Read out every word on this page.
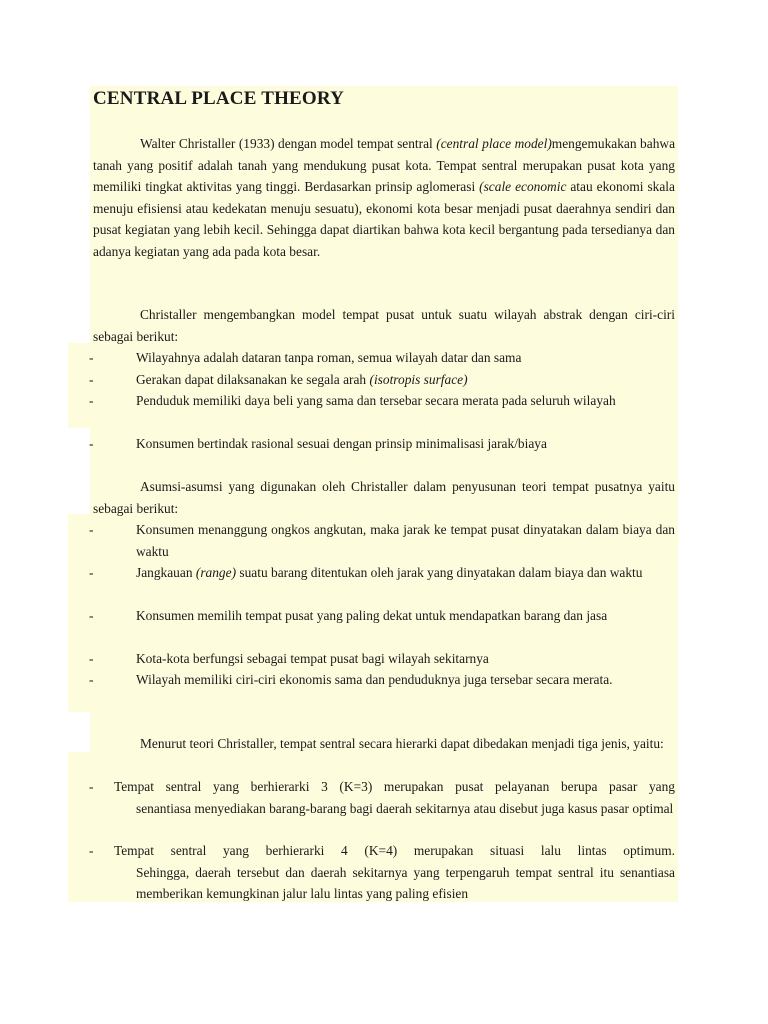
CENTRAL PLACE THEORY

Walter Christaller (1933) dengan model tempat sentral (central place model)mengemukakan bahwa tanah yang positif adalah tanah yang mendukung pusat kota. Tempat sentral merupakan pusat kota yang memiliki tingkat aktivitas yang tinggi. Berdasarkan prinsip aglomerasi (scale economic atau ekonomi skala menuju efisiensi atau kedekatan menuju sesuatu), ekonomi kota besar menjadi pusat daerahnya sendiri dan pusat kegiatan yang lebih kecil. Sehingga dapat diartikan bahwa kota kecil bergantung pada tersedianya dan adanya kegiatan yang ada pada kota besar.

Christaller mengembangkan model tempat pusat untuk suatu wilayah abstrak dengan ciri-ciri sebagai berikut:

-	Wilayahnya adalah dataran tanpa roman, semua wilayah datar dan sama
-	Gerakan dapat dilaksanakan ke segala arah (isotropis surface)
-	Penduduk memiliki daya beli yang sama dan tersebar secara merata pada seluruh wilayah
-	Konsumen bertindak rasional sesuai dengan prinsip minimalisasi jarak/biaya

Asumsi-asumsi yang digunakan oleh Christaller dalam penyusunan teori tempat pusatnya yaitu sebagai berikut:

-	Konsumen menanggung ongkos angkutan, maka jarak ke tempat pusat dinyatakan dalam biaya dan waktu
-	Jangkauan (range) suatu barang ditentukan oleh jarak yang dinyatakan dalam biaya dan waktu
-	Konsumen memilih tempat pusat yang paling dekat untuk mendapatkan barang dan jasa
-	Kota-kota berfungsi sebagai tempat pusat bagi wilayah sekitarnya
-	Wilayah memiliki ciri-ciri ekonomis sama dan penduduknya juga tersebar secara merata.

Menurut teori Christaller, tempat sentral secara hierarki dapat dibedakan menjadi tiga jenis, yaitu:

- Tempat sentral yang berhierarki 3 (K=3) merupakan pusat pelayanan berupa pasar yang
senantiasa menyediakan barang-barang bagi daerah sekitarnya atau disebut juga kasus pasar optimal
- Tempat sentral yang berhierarki 4 (K=4) merupakan situasi lalu lintas optimum.
Sehingga, daerah tersebut dan daerah sekitarnya yang terpengaruh tempat sentral itu senantiasa memberikan kemungkinan jalur lalu lintas yang paling efisien
